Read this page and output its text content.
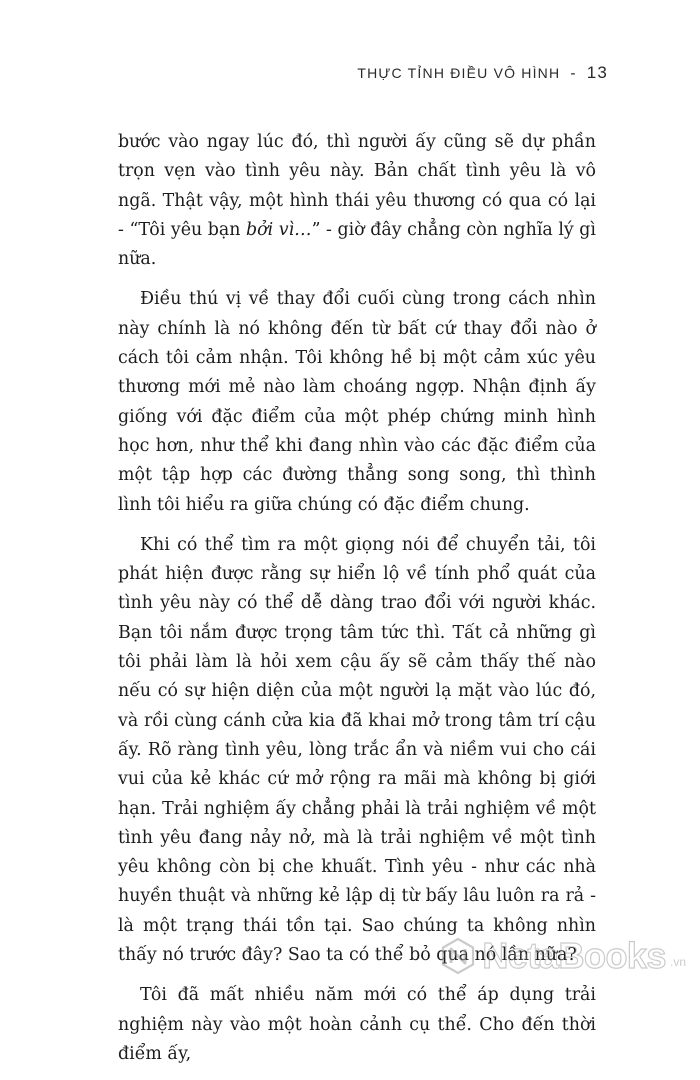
THỰC TỈNH ĐIỀU VÔ HÌNH - 13

bước vào ngay lúc đó, thì người ấy cũng sẽ dự phần trọn vẹn vào tình yêu này. Bản chất tình yêu là vô ngã. Thật vậy, một hình thái yêu thương có qua có lại - “Tôi yêu bạn bởi vì…” - giờ đây chẳng còn nghĩa lý gì nữa.

Điều thú vị về thay đổi cuối cùng trong cách nhìn này chính là nó không đến từ bất cứ thay đổi nào ở cách tôi cảm nhận. Tôi không hề bị một cảm xúc yêu thương mới mẻ nào làm choáng ngợp. Nhận định ấy giống với đặc điểm của một phép chứng minh hình học hơn, như thể khi đang nhìn vào các đặc điểm của một tập hợp các đường thẳng song song, thì thình lình tôi hiểu ra giữa chúng có đặc điểm chung.

Khi có thể tìm ra một giọng nói để chuyển tải, tôi phát hiện được rằng sự hiển lộ về tính phổ quát của tình yêu này có thể dễ dàng trao đổi với người khác. Bạn tôi nắm được trọng tâm tức thì. Tất cả những gì tôi phải làm là hỏi xem cậu ấy sẽ cảm thấy thế nào nếu có sự hiện diện của một người lạ mặt vào lúc đó, và rồi cùng cánh cửa kia đã khai mở trong tâm trí cậu ấy. Rõ ràng tình yêu, lòng trắc ẩn và niềm vui cho cái vui của kẻ khác cứ mở rộng ra mãi mà không bị giới hạn. Trải nghiệm ấy chẳng phải là trải nghiệm về một tình yêu đang nảy nở, mà là trải nghiệm về một tình yêu không còn bị che khuất. Tình yêu - như các nhà huyền thuật và những kẻ lập dị từ bấy lâu luôn ra rả - là một trạng thái tồn tại. Sao chúng ta không nhìn thấy nó trước đây? Sao ta có thể bỏ qua nó lần nữa?

Tôi đã mất nhiều năm mới có thể áp dụng trải nghiệm này vào một hoàn cảnh cụ thể. Cho đến thời điểm ấy,

NetaBooks .vn
